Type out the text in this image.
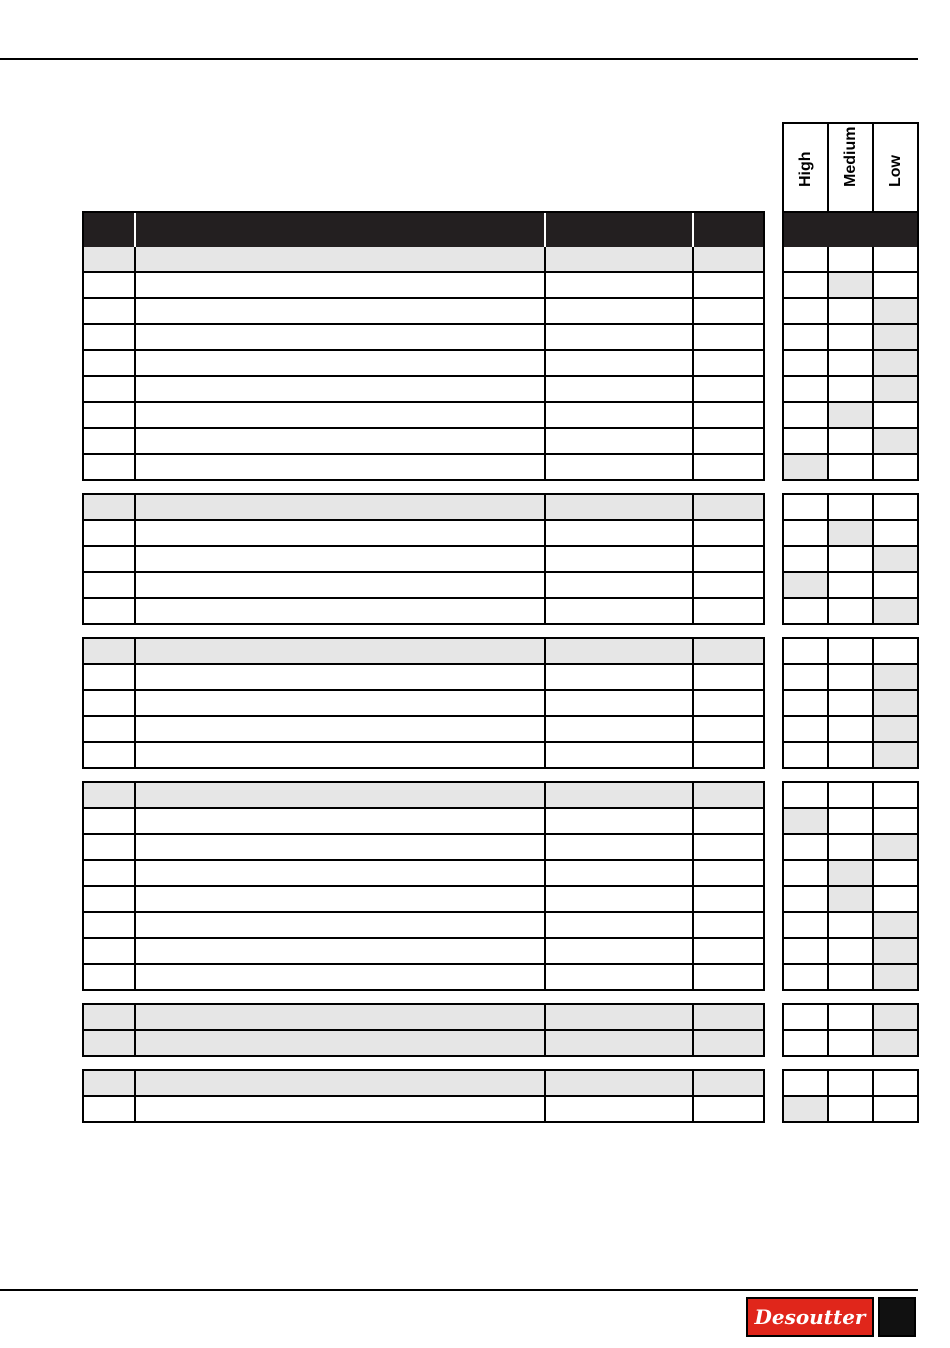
High Medium Low
Desoutter
